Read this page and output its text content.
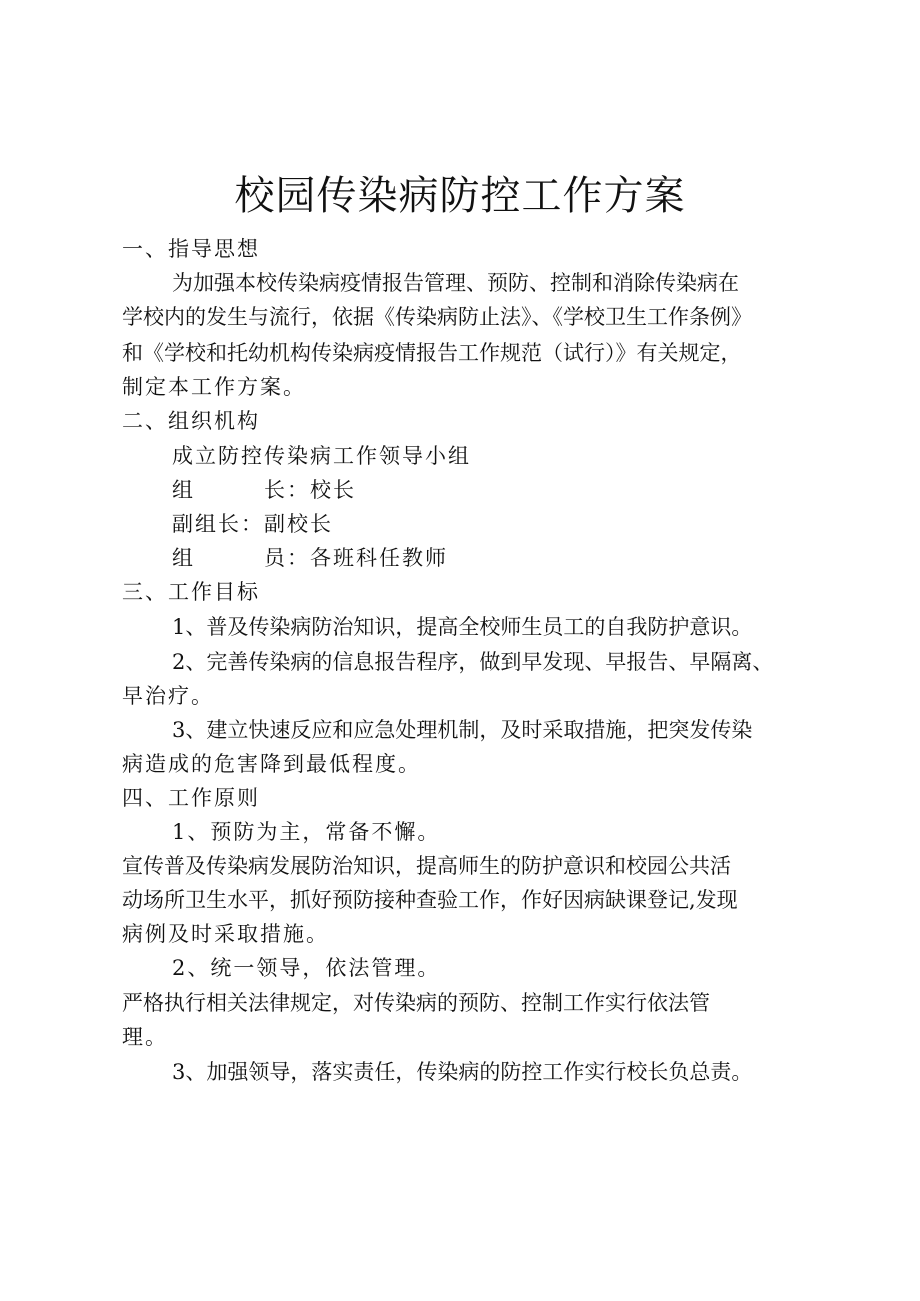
校园传染病防控工作方案
一、指导思想
为加强本校传染病疫情报告管理、预防、控制和消除传染病在
学校内的发生与流行，依据《传染病防止法》、《学校卫生工作条例》
和《学校和托幼机构传染病疫情报告工作规范（试行）》有关规定，
制定本工作方案。
二、组织机构
成立防控传染病工作领导小组
组	长：校长
副组长：副校长
组	员：各班科任教师
三、工作目标
1、普及传染病防治知识，提高全校师生员工的自我防护意识。
2、完善传染病的信息报告程序，做到早发现、早报告、早隔离、
早治疗。
3、建立快速反应和应急处理机制，及时采取措施，把突发传染
病造成的危害降到最低程度。
四、工作原则
1、预防为主，常备不懈。
宣传普及传染病发展防治知识，提高师生的防护意识和校园公共活
动场所卫生水平，抓好预防接种查验工作，作好因病缺课登记,发现
病例及时采取措施。
2、统一领导，依法管理。
严格执行相关法律规定，对传染病的预防、控制工作实行依法管
理。
3、加强领导，落实责任，传染病的防控工作实行校长负总责。
